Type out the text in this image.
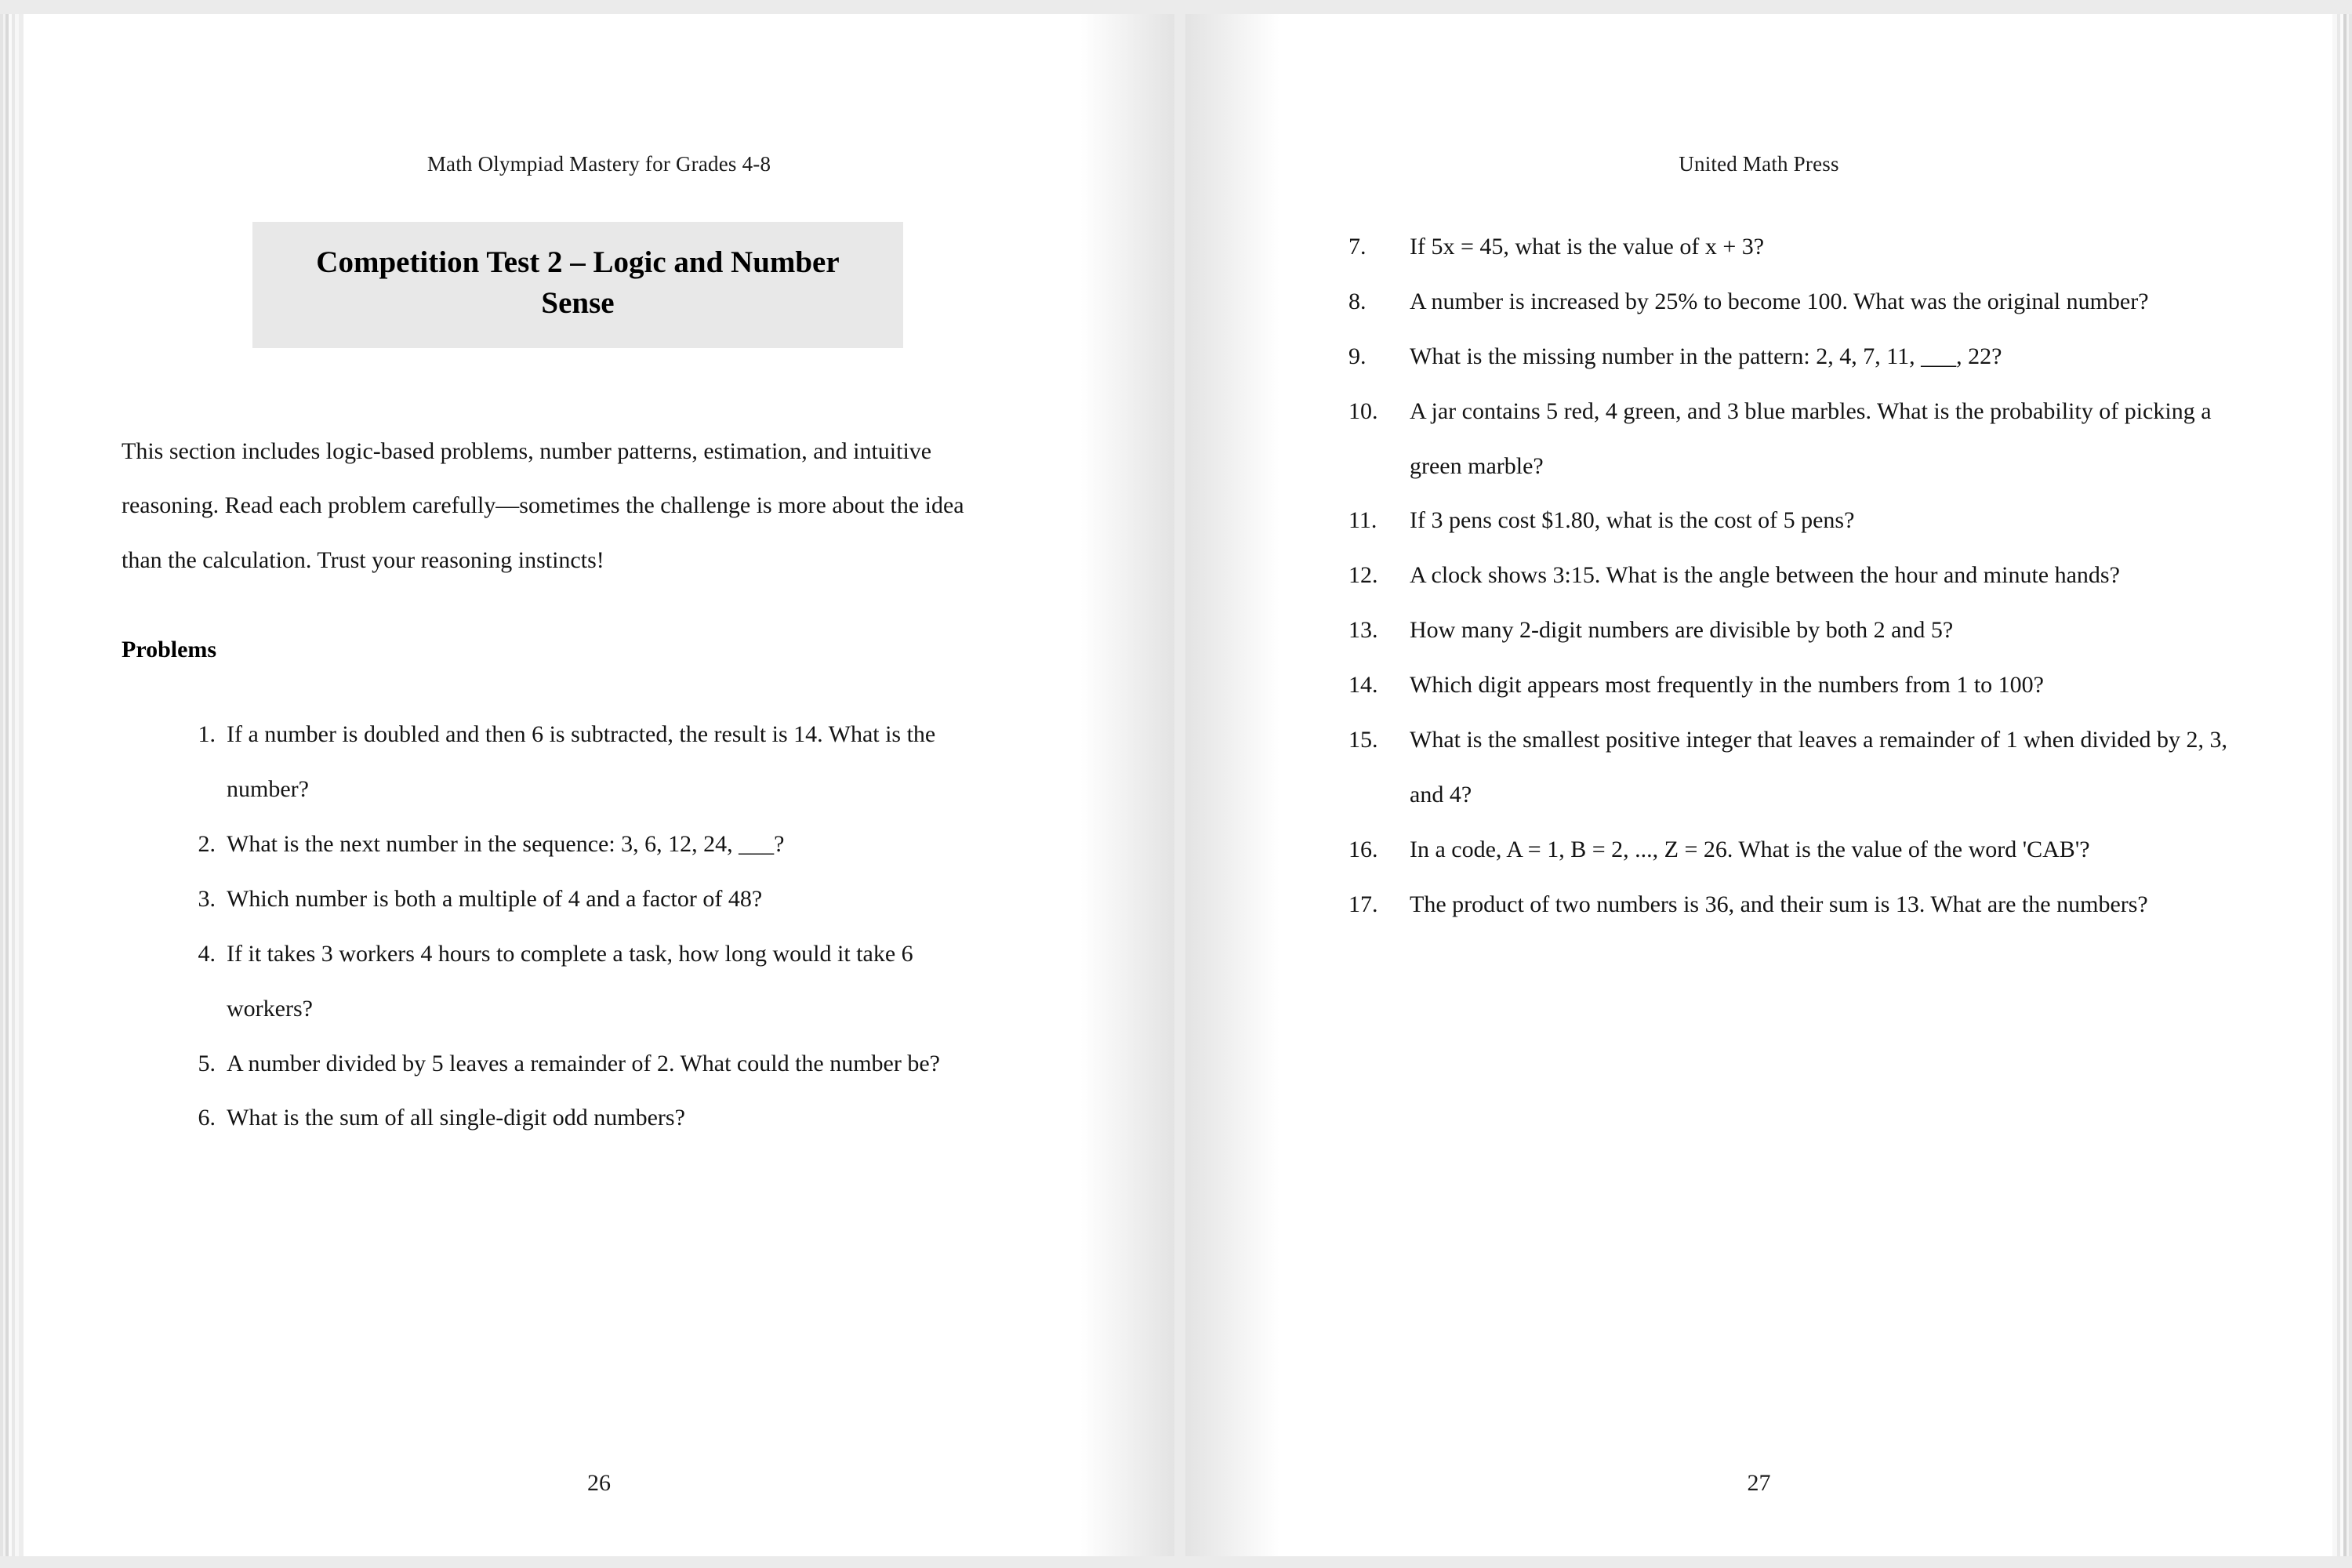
Math Olympiad Mastery for Grades 4-8
Competition Test 2 – Logic and Number Sense

This section includes logic-based problems, number patterns, estimation, and intuitive reasoning. Read each problem carefully—sometimes the challenge is more about the idea than the calculation. Trust your reasoning instincts!

Problems
1. If a number is doubled and then 6 is subtracted, the result is 14. What is the number?
2. What is the next number in the sequence: 3, 6, 12, 24, ___?
3. Which number is both a multiple of 4 and a factor of 48?
4. If it takes 3 workers 4 hours to complete a task, how long would it take 6 workers?
5. A number divided by 5 leaves a remainder of 2. What could the number be?
6. What is the sum of all single-digit odd numbers?
26
United Math Press
7.	If 5x = 45, what is the value of x + 3?
8.	A number is increased by 25% to become 100. What was the original number?
9.	What is the missing number in the pattern: 2, 4, 7, 11, ___, 22?
10.	A jar contains 5 red, 4 green, and 3 blue marbles. What is the probability of picking a green marble?
11.	If 3 pens cost $1.80, what is the cost of 5 pens?
12.	A clock shows 3:15. What is the angle between the hour and minute hands?
13.	How many 2-digit numbers are divisible by both 2 and 5?
14.	Which digit appears most frequently in the numbers from 1 to 100?
15.	What is the smallest positive integer that leaves a remainder of 1 when divided by 2, 3, and 4?
16.	In a code, A = 1, B = 2, ..., Z = 26. What is the value of the word 'CAB'?
17.	The product of two numbers is 36, and their sum is 13. What are the numbers?
27
